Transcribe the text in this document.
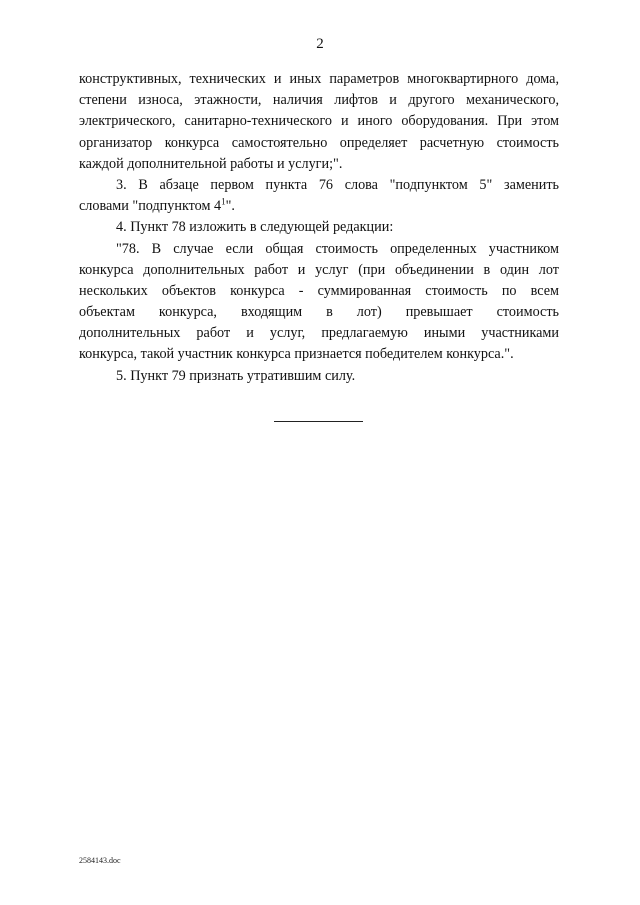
2
конструктивных, технических и иных параметров многоквартирного дома,
степени износа, этажности, наличия лифтов и другого механического,
электрического, санитарно-технического и иного оборудования. При этом
организатор конкурса самостоятельно определяет расчетную стоимость
каждой дополнительной работы и услуги;".
3. В абзаце первом пункта 76 слова "подпунктом 5" заменить
словами "подпунктом $4^1$".
4. Пункт 78 изложить в следующей редакции:
"78. В случае если общая стоимость определенных участником
конкурса дополнительных работ и услуг (при объединении в один лот
нескольких объектов конкурса - суммированная стоимость по всем
объектам конкурса, входящим в лот) превышает стоимость
дополнительных работ и услуг, предлагаемую иными участниками
конкурса, такой участник конкурса признается победителем конкурса.".
5. Пункт 79 признать утратившим силу.
2584143.doc
